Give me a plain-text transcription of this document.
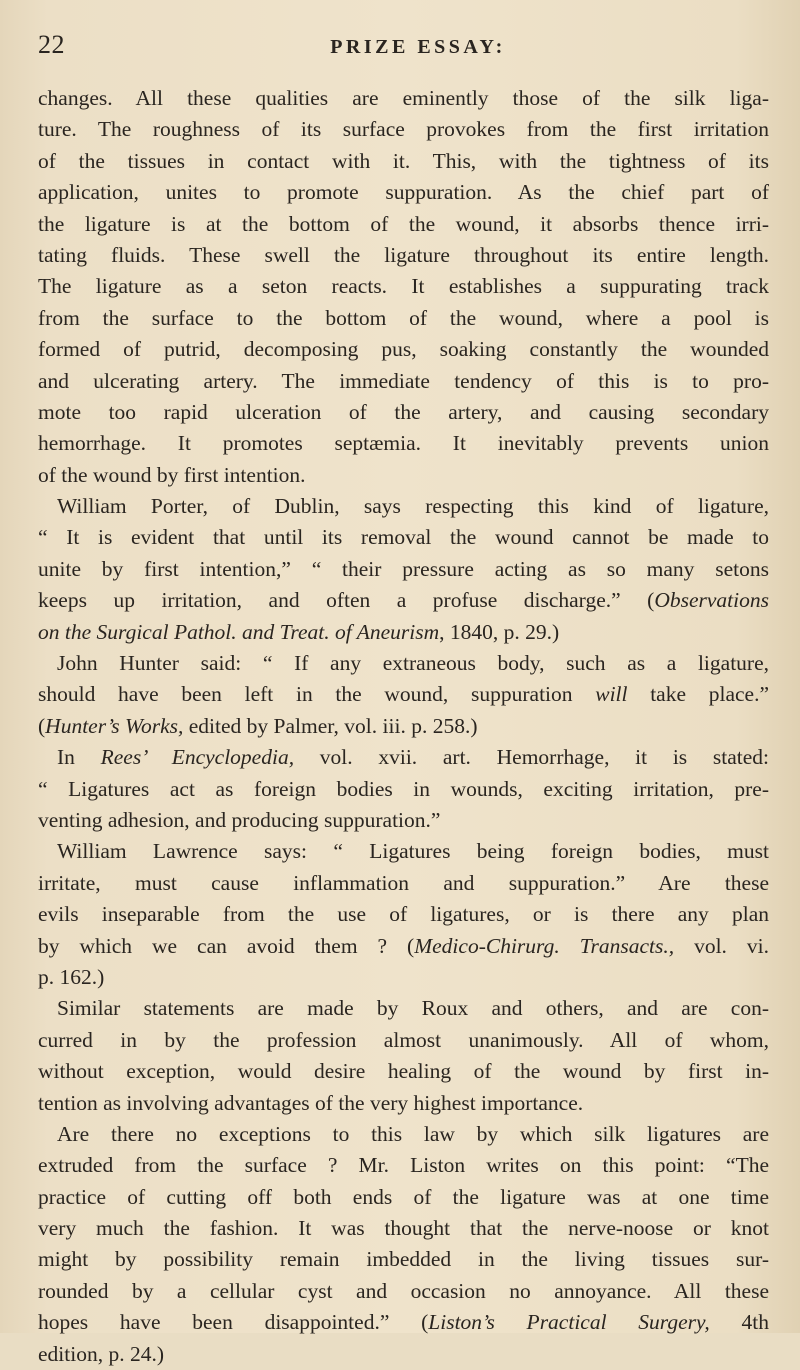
22	PRIZE ESSAY:
changes. All these qualities are eminently those of the silk liga-
ture. The roughness of its surface provokes from the first irritation
of the tissues in contact with it. This, with the tightness of its
application, unites to promote suppuration. As the chief part of
the ligature is at the bottom of the wound, it absorbs thence irri-
tating fluids. These swell the ligature throughout its entire length.
The ligature as a seton reacts. It establishes a suppurating track
from the surface to the bottom of the wound, where a pool is
formed of putrid, decomposing pus, soaking constantly the wounded
and ulcerating artery. The immediate tendency of this is to pro-
mote too rapid ulceration of the artery, and causing secondary
hemorrhage. It promotes septæmia. It inevitably prevents union
of the wound by first intention.
William Porter, of Dublin, says respecting this kind of ligature,
“ It is evident that until its removal the wound cannot be made to
unite by first intention,” “ their pressure acting as so many setons
keeps up irritation, and often a profuse discharge.” (Observations
on the Surgical Pathol. and Treat. of Aneurism, 1840, p. 29.)
John Hunter said: “ If any extraneous body, such as a ligature,
should have been left in the wound, suppuration will take place.”
(Hunter’s Works, edited by Palmer, vol. iii. p. 258.)
In Rees’ Encyclopedia, vol. xvii. art. Hemorrhage, it is stated:
“ Ligatures act as foreign bodies in wounds, exciting irritation, pre-
venting adhesion, and producing suppuration.”
William Lawrence says: “ Ligatures being foreign bodies, must
irritate, must cause inflammation and suppuration.” Are these
evils inseparable from the use of ligatures, or is there any plan
by which we can avoid them ? (Medico-Chirurg. Transacts., vol. vi.
p. 162.)
Similar statements are made by Roux and others, and are con-
curred in by the profession almost unanimously. All of whom,
without exception, would desire healing of the wound by first in-
tention as involving advantages of the very highest importance.
Are there no exceptions to this law by which silk ligatures are
extruded from the surface ? Mr. Liston writes on this point: “The
practice of cutting off both ends of the ligature was at one time
very much the fashion. It was thought that the nerve-noose or knot
might by possibility remain imbedded in the living tissues sur-
rounded by a cellular cyst and occasion no annoyance. All these
hopes have been disappointed.” (Liston’s Practical Surgery, 4th
edition, p. 24.)
